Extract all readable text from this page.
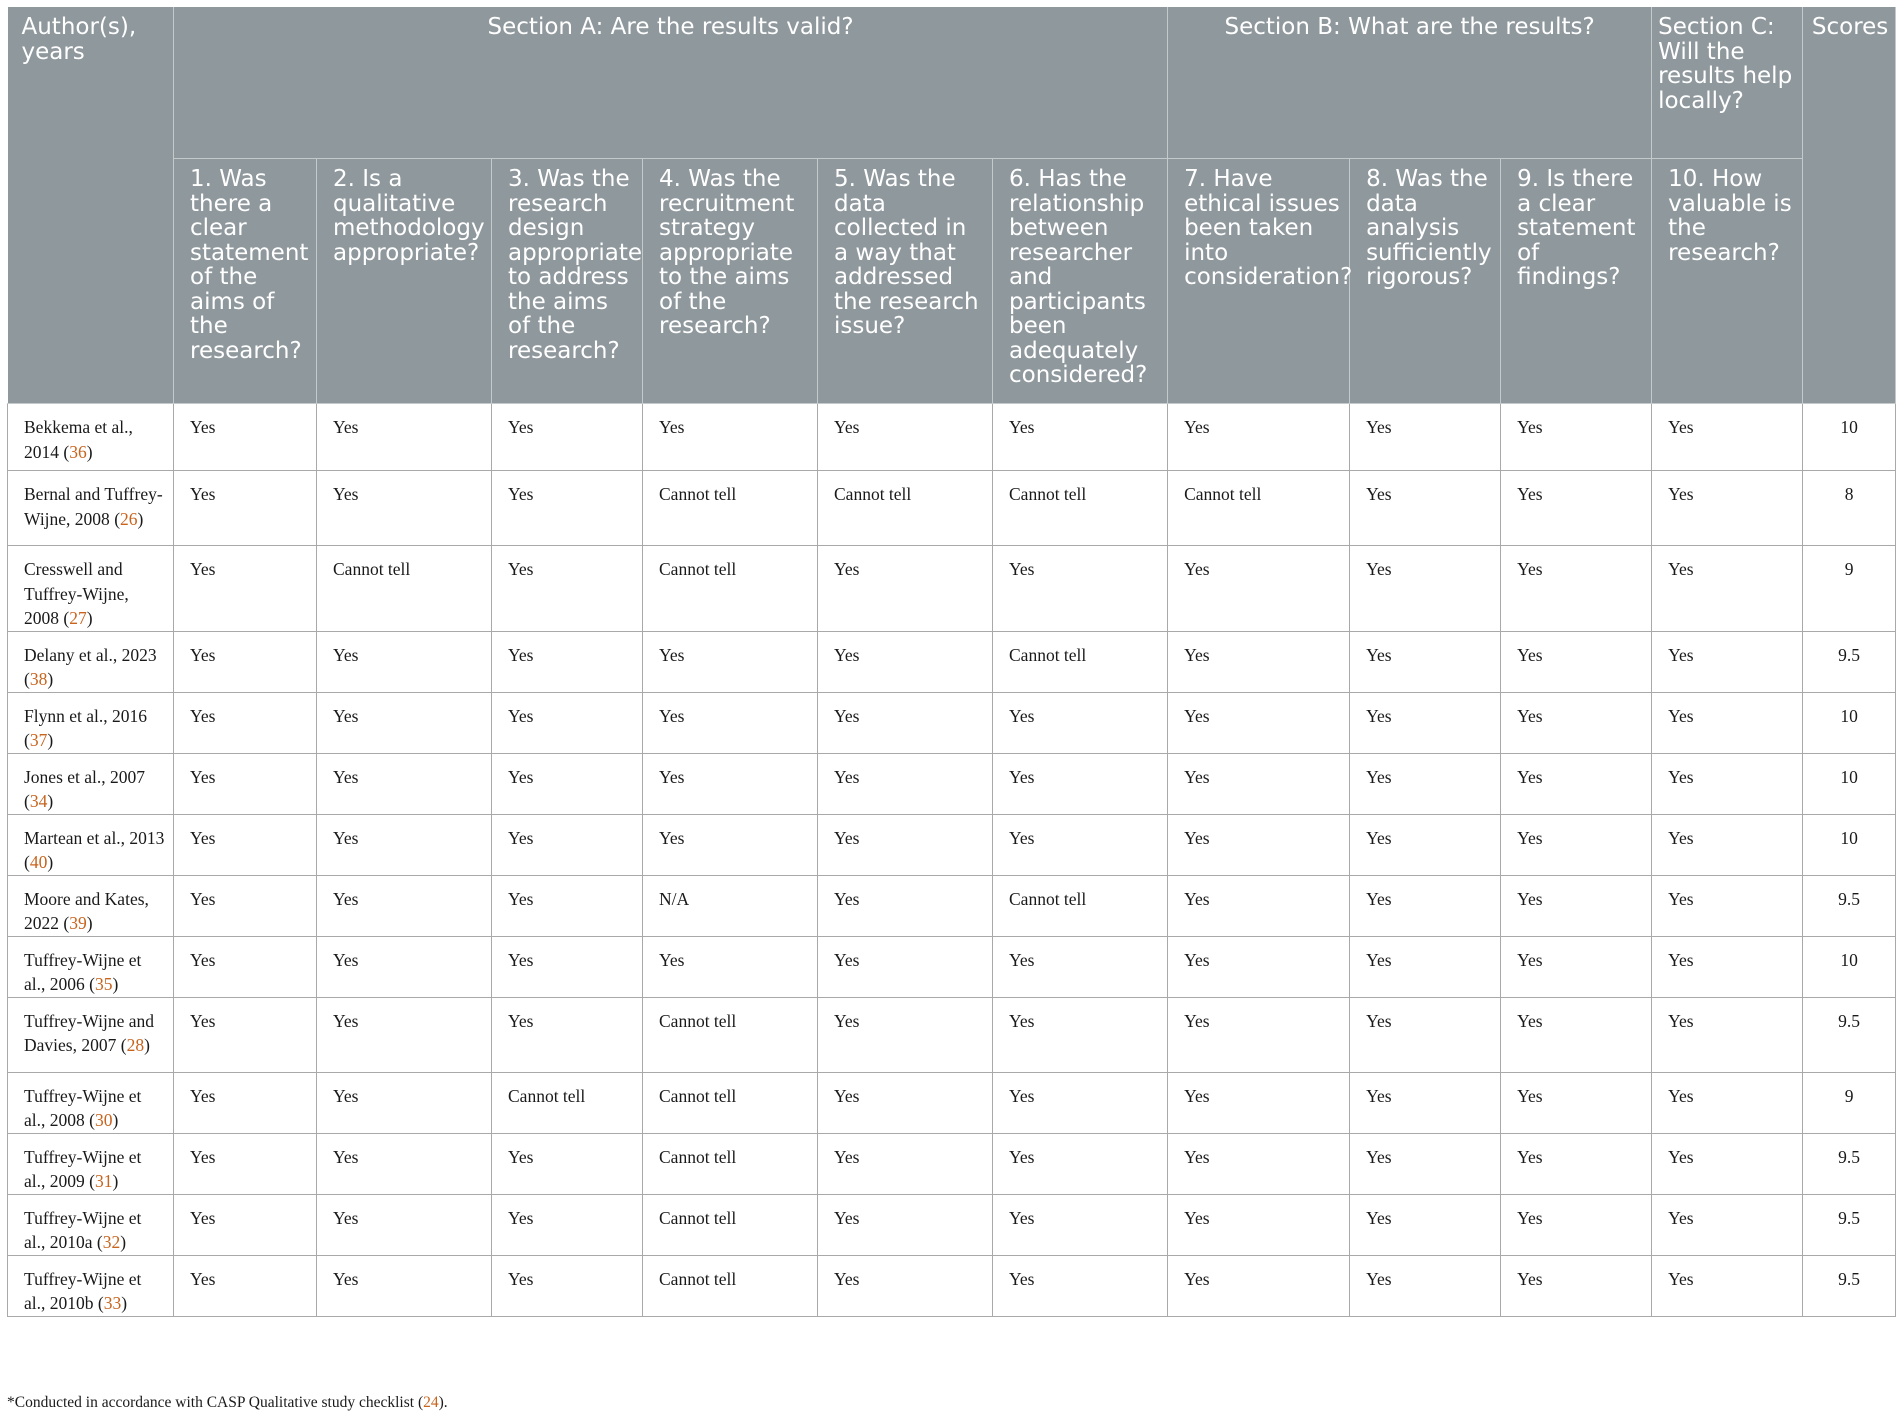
Author(s), years	Section A: Are the results valid?						Section B: What are the results?			Section C: Will the results help locally?	Scores
	1. Was there a clear statement of the aims of the research?	2. Is a qualitative methodology appropriate?	3. Was the research design appropriate to address the aims of the research?	4. Was the recruitment strategy appropriate to the aims of the research?	5. Was the data collected in a way that addressed the research issue?	6. Has the relationship between researcher and participants been adequately considered?	7. Have ethical issues been taken into consideration?	8. Was the data analysis sufficiently rigorous?	9. Is there a clear statement of findings?	10. How valuable is the research?	
Bekkema et al., 2014 (36)	Yes	Yes	Yes	Yes	Yes	Yes	Yes	Yes	Yes	Yes	10
Bernal and Tuffrey-Wijne, 2008 (26)	Yes	Yes	Yes	Cannot tell	Cannot tell	Cannot tell	Cannot tell	Yes	Yes	Yes	8
Cresswell and Tuffrey-Wijne, 2008 (27)	Yes	Cannot tell	Yes	Cannot tell	Yes	Yes	Yes	Yes	Yes	Yes	9
Delany et al., 2023 (38)	Yes	Yes	Yes	Yes	Yes	Cannot tell	Yes	Yes	Yes	Yes	9.5
Flynn et al., 2016 (37)	Yes	Yes	Yes	Yes	Yes	Yes	Yes	Yes	Yes	Yes	10
Jones et al., 2007 (34)	Yes	Yes	Yes	Yes	Yes	Yes	Yes	Yes	Yes	Yes	10
Martean et al., 2013 (40)	Yes	Yes	Yes	Yes	Yes	Yes	Yes	Yes	Yes	Yes	10
Moore and Kates, 2022 (39)	Yes	Yes	Yes	N/A	Yes	Cannot tell	Yes	Yes	Yes	Yes	9.5
Tuffrey-Wijne et al., 2006 (35)	Yes	Yes	Yes	Yes	Yes	Yes	Yes	Yes	Yes	Yes	10
Tuffrey-Wijne and Davies, 2007 (28)	Yes	Yes	Yes	Cannot tell	Yes	Yes	Yes	Yes	Yes	Yes	9.5
Tuffrey-Wijne et al., 2008 (30)	Yes	Yes	Cannot tell	Cannot tell	Yes	Yes	Yes	Yes	Yes	Yes	9
Tuffrey-Wijne et al., 2009 (31)	Yes	Yes	Yes	Cannot tell	Yes	Yes	Yes	Yes	Yes	Yes	9.5
Tuffrey-Wijne et al., 2010a (32)	Yes	Yes	Yes	Cannot tell	Yes	Yes	Yes	Yes	Yes	Yes	9.5
Tuffrey-Wijne et al., 2010b (33)	Yes	Yes	Yes	Cannot tell	Yes	Yes	Yes	Yes	Yes	Yes	9.5
*Conducted in accordance with CASP Qualitative study checklist (24).
